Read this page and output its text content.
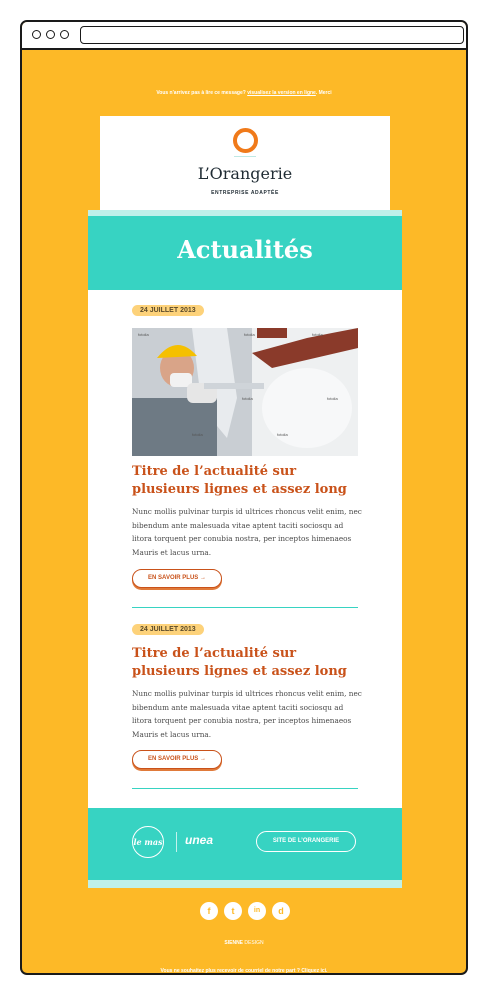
Vous n'arrivez pas à lire ce message? visualisez la version en ligne. Merci
L’Orangerie
ENTREPRISE ADAPTÉE
Actualités
24 JUILLET 2013
fotolia	fotolia	fotolia
fotolia	fotolia
fotolia	fotolia
Titre de l’actualité sur plusieurs lignes et assez long
Nunc mollis pulvinar turpis id ultrices rhoncus velit enim, nec bibendum ante malesuada vitae aptent taciti sociosqu ad litora torquent per conubia nostra, per inceptos himenaeos Mauris et lacus urna.
EN SAVOIR PLUS →
24 JUILLET 2013
Titre de l’actualité sur plusieurs lignes et assez long
Nunc mollis pulvinar turpis id ultrices rhoncus velit enim, nec bibendum ante malesuada vitae aptent taciti sociosqu ad litora torquent per conubia nostra, per inceptos himenaeos Mauris et lacus urna.
EN SAVOIR PLUS →
le mas unea	SITE DE L’ORANGERIE
f	t	in	d
SIENNE DESIGN
Vous ne souhaitez plus recevoir de courriel de notre part ? Cliquez ici.
